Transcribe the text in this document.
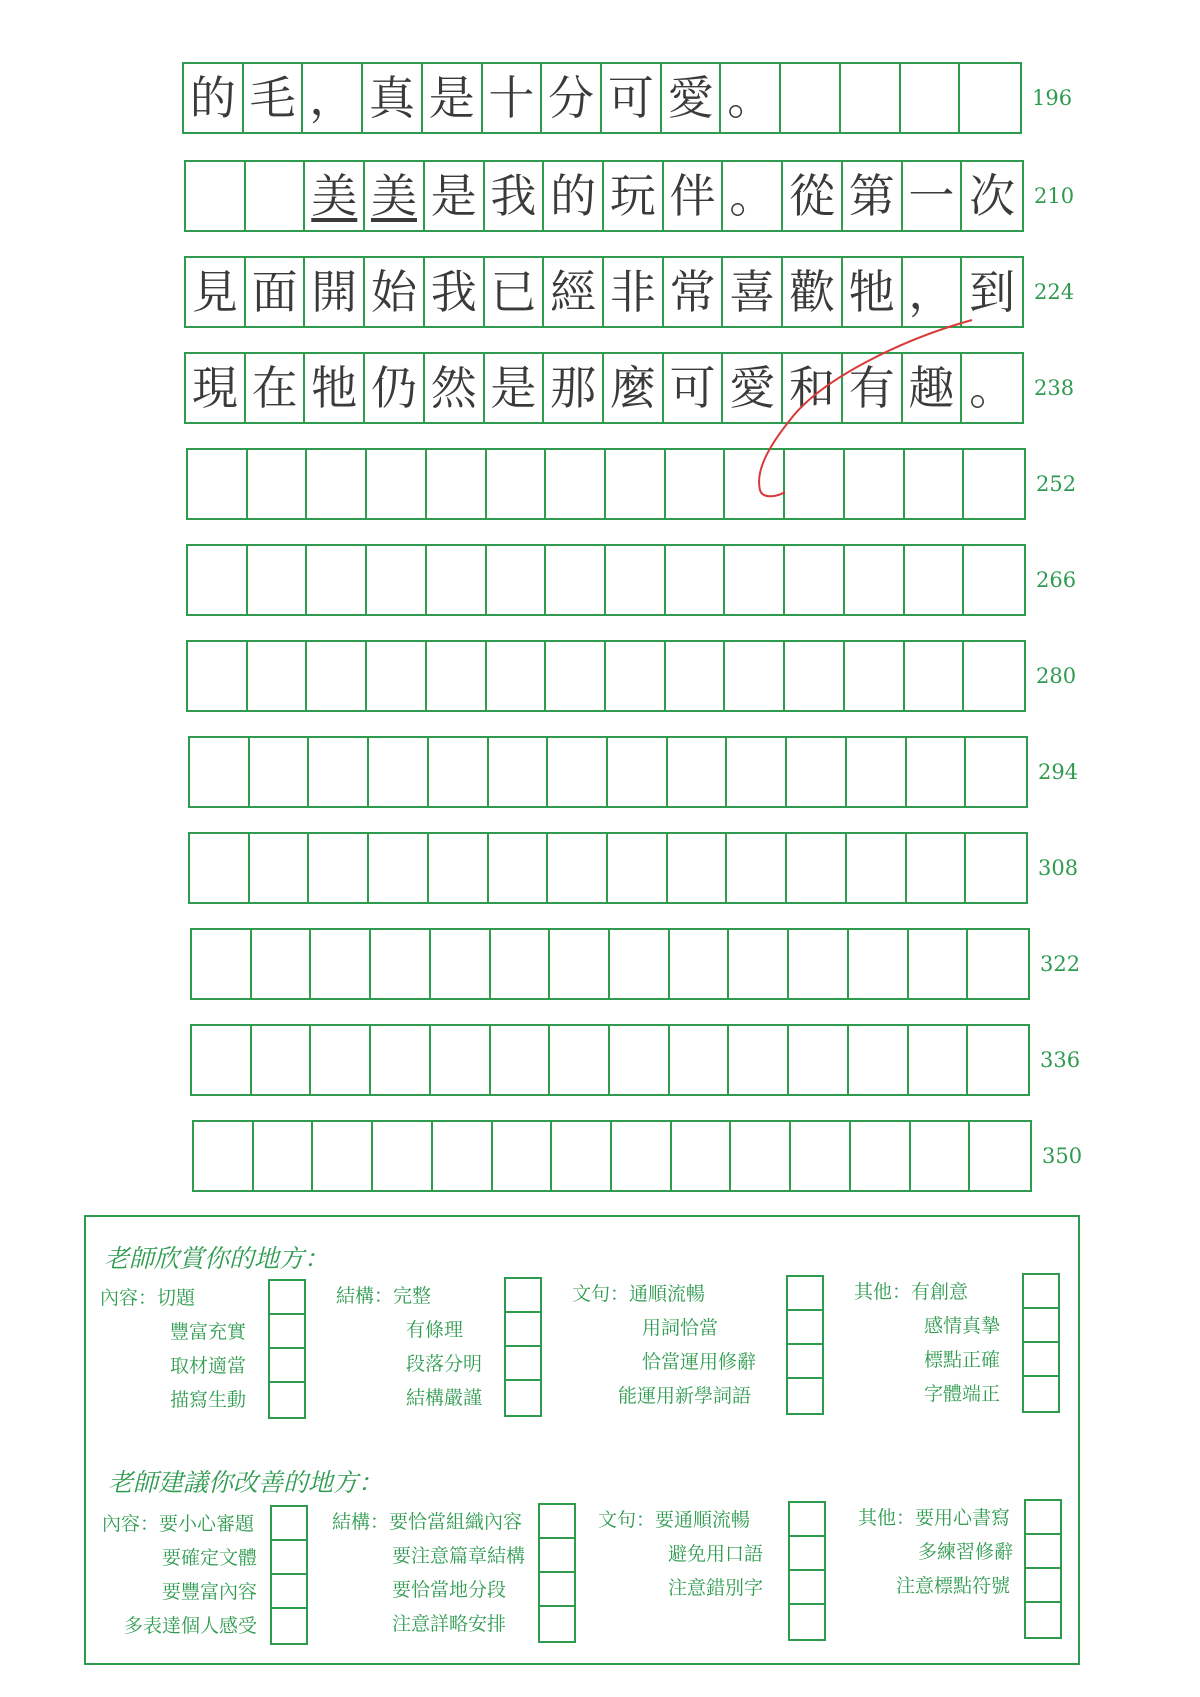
的 毛 ， 真 是 十 分 可 愛 。	196
美 美 是 我 的 玩 伴 。 從 第 一 次 210
見 面 開 始 我 已 經 非 常 喜 歡 牠 ， 到 224
現 在 牠 仍 然 是 那 麼 可 愛 和 有 趣 。 238
252
266
280
294
308
322
336
350
老師欣賞你的地方：
內容：切題
豐富充實
取材適當
描寫生動
結構：完整
有條理
段落分明
結構嚴謹
文句：通順流暢
用詞恰當
恰當運用修辭
能運用新學詞語
其他：有創意
感情真摯
標點正確
字體端正
老師建議你改善的地方：
內容：要小心審題
要確定文體
要豐富內容
多表達個人感受
結構：要恰當組織內容
要注意篇章結構
要恰當地分段
注意詳略安排
文句：要通順流暢
避免用口語
注意錯別字
其他：要用心書寫
多練習修辭
注意標點符號
